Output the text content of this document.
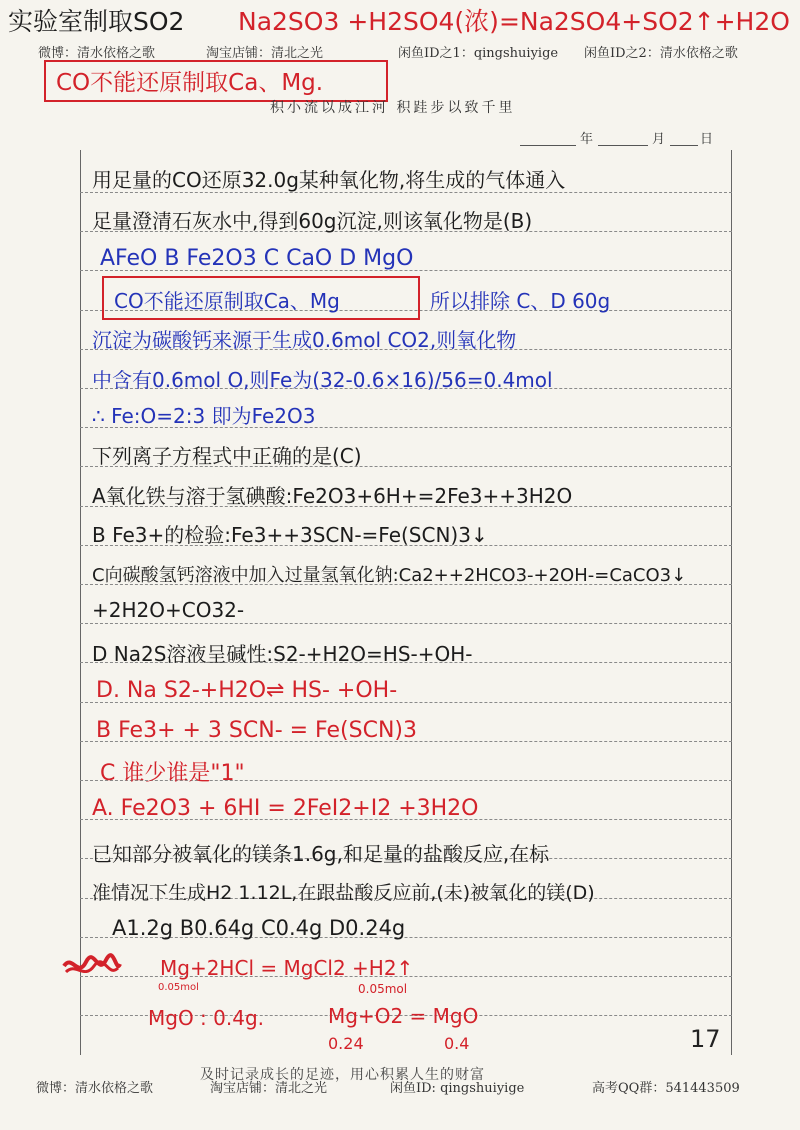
实验室制取SO2 Na2SO3 +H2SO4(浓)=Na2SO4+SO2↑+H2O
微博：清水依格之歌	淘宝店铺：清北之光	闲鱼ID之1：qingshuiyige 闲鱼ID之2：清水依格之歌
CO不能还原制取Ca、Mg.
积小流以成江河 积跬步以致千里
年	月	日
用足量的CO还原32.0g某种氧化物,将生成的气体通入
足量澄清石灰水中,得到60g沉淀,则该氧化物是(B)
AFeO B Fe2O3 C CaO D MgO
CO不能还原制取Ca、Mg	所以排除 C、D 60g
沉淀为碳酸钙来源于生成0.6mol CO2,则氧化物
中含有0.6mol O,则Fe为(32-0.6×16)/56=0.4mol
∴ Fe:O=2:3 即为Fe2O3
下列离子方程式中正确的是(C)
A氧化铁与溶于氢碘酸:Fe2O3+6H+=2Fe3++3H2O
B Fe3+的检验:Fe3++3SCN-=Fe(SCN)3↓
C向碳酸氢钙溶液中加入过量氢氧化钠:Ca2++2HCO3-+2OH-=CaCO3↓
+2H2O+CO32-
D Na2S溶液呈碱性:S2-+H2O=HS-+OH-
D. Na S2-+H2O⇌ HS- +OH-
B Fe3+ + 3 SCN- = Fe(SCN)3
C 谁少谁是"1"
A. Fe2O3 + 6HI = 2FeI2+I2 +3H2O
已知部分被氧化的镁条1.6g,和足量的盐酸反应,在标
准情况下生成H2 1.12L,在跟盐酸反应前,(未)被氧化的镁(D)
A1.2g B0.64g C0.4g D0.24g
Mg+2HCl = MgCl2 +H2↑
0.05mol	0.05mol
MgO : 0.4g.	Mg+O2 = MgO
0.24	0.4	17
及时记录成长的足迹，用心积累人生的财富
微博：清水依格之歌	淘宝店铺：清北之光	闲鱼ID: qingshuiyige	高考QQ群：541443509
